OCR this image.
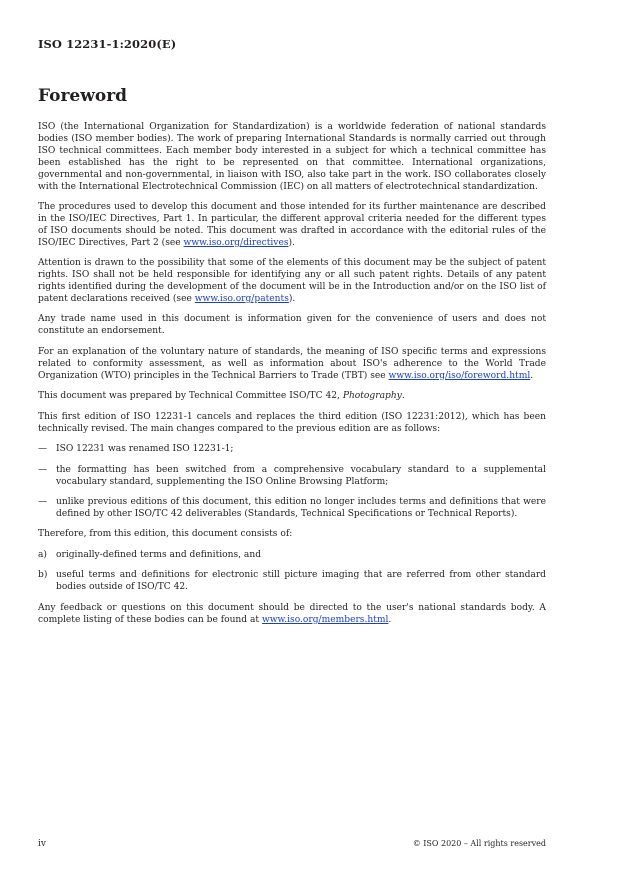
ISO 12231-1:2020(E)
Foreword

ISO (the International Organization for Standardization) is a worldwide federation of national standards bodies (ISO member bodies). The work of preparing International Standards is normally carried out through ISO technical committees. Each member body interested in a subject for which a technical committee has been established has the right to be represented on that committee. International organizations, governmental and non-governmental, in liaison with ISO, also take part in the work. ISO collaborates closely with the International Electrotechnical Commission (IEC) on all matters of electrotechnical standardization.

The procedures used to develop this document and those intended for its further maintenance are described in the ISO/IEC Directives, Part 1. In particular, the different approval criteria needed for the different types of ISO documents should be noted. This document was drafted in accordance with the editorial rules of the ISO/IEC Directives, Part 2 (see www.iso.org/directives).

Attention is drawn to the possibility that some of the elements of this document may be the subject of patent rights. ISO shall not be held responsible for identifying any or all such patent rights. Details of any patent rights identified during the development of the document will be in the Introduction and/or on the ISO list of patent declarations received (see www.iso.org/patents).

Any trade name used in this document is information given for the convenience of users and does not constitute an endorsement.

For an explanation of the voluntary nature of standards, the meaning of ISO specific terms and expressions related to conformity assessment, as well as information about ISO's adherence to the World Trade Organization (WTO) principles in the Technical Barriers to Trade (TBT) see www.iso.org/iso/foreword.html.

This document was prepared by Technical Committee ISO/TC 42, Photography.

This first edition of ISO 12231-1 cancels and replaces the third edition (ISO 12231:2012), which has been technically revised. The main changes compared to the previous edition are as follows:

— ISO 12231 was renamed ISO 12231-1;
— the formatting has been switched from a comprehensive vocabulary standard to a supplemental vocabulary standard, supplementing the ISO Online Browsing Platform;
— unlike previous editions of this document, this edition no longer includes terms and definitions that were defined by other ISO/TC 42 deliverables (Standards, Technical Specifications or Technical Reports).

Therefore, from this edition, this document consists of:

a) originally-defined terms and definitions, and
b) useful terms and definitions for electronic still picture imaging that are referred from other standard bodies outside of ISO/TC 42.

Any feedback or questions on this document should be directed to the user's national standards body. A complete listing of these bodies can be found at www.iso.org/members.html.

iv	© ISO 2020 – All rights reserved
